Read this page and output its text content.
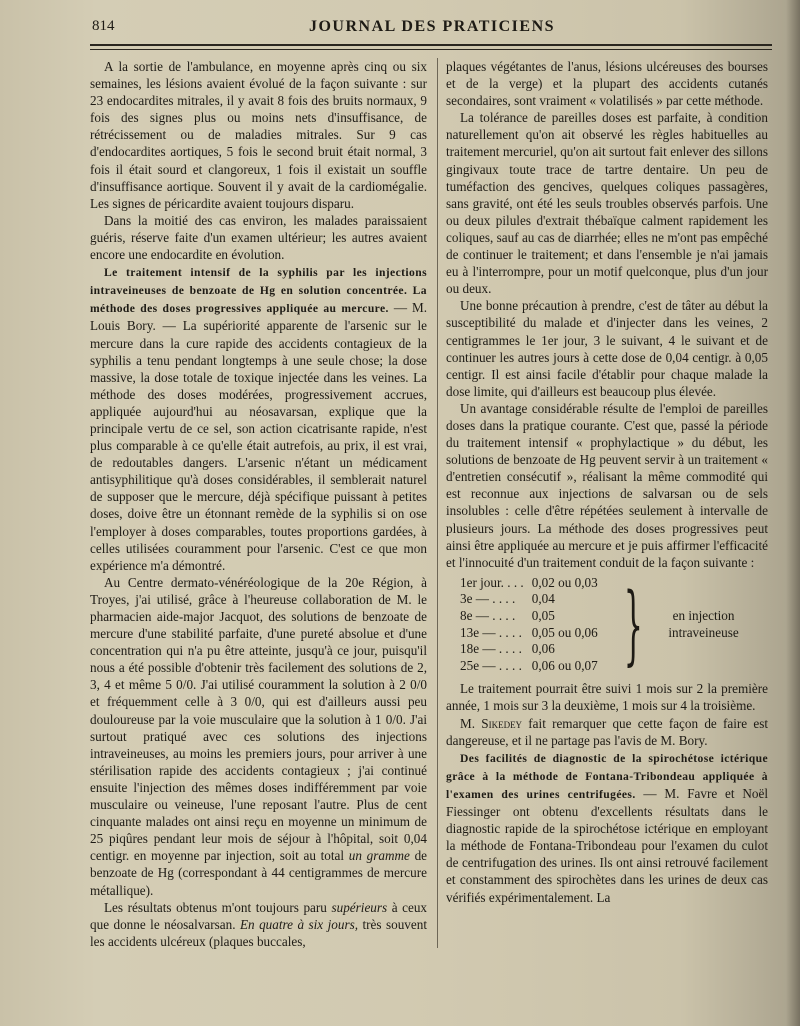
814	JOURNAL DES PRATICIENS

A la sortie de l'ambulance, en moyenne après cinq ou six semaines, les lésions avaient évolué de la façon suivante : sur 23 endocardites mitrales, il y avait 8 fois des bruits normaux, 9 fois des signes plus ou moins nets d'insuffisance, de rétrécissement ou de maladies mitrales. Sur 9 cas d'endocardites aortiques, 5 fois le second bruit était normal, 3 fois il était sourd et clangoreux, 1 fois il existait un souffle d'insuffisance aortique. Souvent il y avait de la cardiomégalie. Les signes de péricardite avaient toujours disparu.

Dans la moitié des cas environ, les malades paraissaient guéris, réserve faite d'un examen ultérieur; les autres avaient encore une endocardite en évolution.

Le traitement intensif de la syphilis par les injections intraveineuses de benzoate de Hg en solution concentrée. La méthode des doses progressives appliquée au mercure. — M. Louis Bory. — La supériorité apparente de l'arsenic sur le mercure dans la cure rapide des accidents contagieux de la syphilis a tenu pendant longtemps à une seule chose; la dose massive, la dose totale de toxique injectée dans les veines. La méthode des doses modérées, progressivement accrues, appliquée aujourd'hui au néosavarsan, explique que la principale vertu de ce sel, son action cicatrisante rapide, n'est plus comparable à ce qu'elle était autrefois, au prix, il est vrai, de redoutables dangers. L'arsenic n'étant un médicament antisyphilitique qu'à doses considérables, il semblerait naturel de supposer que le mercure, déjà spécifique puissant à petites doses, doive être un étonnant remède de la syphilis si on ose l'employer à doses comparables, toutes proportions gardées, à celles utilisées couramment pour l'arsenic. C'est ce que mon expérience m'a démontré.

Au Centre dermato-vénéréologique de la 20e Région, à Troyes, j'ai utilisé, grâce à l'heureuse collaboration de M. le pharmacien aide-major Jacquot, des solutions de benzoate de mercure d'une stabilité parfaite, d'une pureté absolue et d'une concentration qui n'a pu être atteinte, jusqu'à ce jour, puisqu'il nous a été possible d'obtenir très facilement des solutions de 2, 3, 4 et même 5 0/0. J'ai utilisé couramment la solution à 2 0/0 et fréquemment celle à 3 0/0, qui est d'ailleurs aussi peu douloureuse par la voie musculaire que la solution à 1 0/0. J'ai surtout pratiqué avec ces solutions des injections intraveineuses, au moins les premiers jours, pour arriver à une stérilisation rapide des accidents contagieux ; j'ai continué ensuite l'injection des mêmes doses indifféremment par voie musculaire ou veineuse, l'une reposant l'autre. Plus de cent cinquante malades ont ainsi reçu en moyenne un minimum de 25 piqûres pendant leur mois de séjour à l'hôpital, soit 0,04 centigr. en moyenne par injection, soit au total un gramme de benzoate de Hg (correspondant à 44 centigrammes de mercure métallique).

Les résultats obtenus m'ont toujours paru supérieurs à ceux que donne le néosalvarsan. En quatre à six jours, très souvent les accidents ulcéreux (plaques buccales,

plaques végétantes de l'anus, lésions ulcéreuses des bourses et de la verge) et la plupart des accidents cutanés secondaires, sont vraiment « volatilisés » par cette méthode.

La tolérance de pareilles doses est parfaite, à condition naturellement qu'on ait observé les règles habituelles au traitement mercuriel, qu'on ait surtout fait enlever des sillons gingivaux toute trace de tartre dentaire. Un peu de tuméfaction des gencives, quelques coliques passagères, sans gravité, ont été les seuls troubles observés parfois. Une ou deux pilules d'extrait thébaïque calment rapidement les coliques, sauf au cas de diarrhée; elles ne m'ont pas empêché de continuer le traitement; et dans l'ensemble je n'ai jamais eu à l'interrompre, pour un motif quelconque, plus d'un jour ou deux.

Une bonne précaution à prendre, c'est de tâter au début la susceptibilité du malade et d'injecter dans les veines, 2 centigrammes le 1er jour, 3 le suivant, 4 le suivant et de continuer les autres jours à cette dose de 0,04 centigr. à 0,05 centigr. Il est ainsi facile d'établir pour chaque malade la dose limite, qui d'ailleurs est beaucoup plus élevée.

Un avantage considérable résulte de l'emploi de pareilles doses dans la pratique courante. C'est que, passé la période du traitement intensif « prophylactique » du début, les solutions de benzoate de Hg peuvent servir à un traitement « d'entretien consécutif », réalisant la même commodité qui est reconnue aux injections de salvarsan ou de sels insolubles : celle d'être répétées seulement à intervalle de plusieurs jours. La méthode des doses progressives peut ainsi être appliquée au mercure et je puis affirmer l'efficacité et l'innocuité d'un traitement conduit de la façon suivante :

1er jour. . . .	0,02 ou 0,03	}	en injection
intraveineuse

3e — . . . .	0,04		
8e — . . . .	0,05		
13e — . . . .	0,05 ou 0,06		
18e — . . . .	0,06		
25e — . . . .	0,06 ou 0,07		

Le traitement pourrait être suivi 1 mois sur 2 la première année, 1 mois sur 3 la deuxième, 1 mois sur 4 la troisième.

M. Sikedey fait remarquer que cette façon de faire est dangereuse, et il ne partage pas l'avis de M. Bory.

Des facilités de diagnostic de la spirochétose ictérique grâce à la méthode de Fontana-Tribondeau appliquée à l'examen des urines centrifugées. — M. Favre et Noël Fiessinger ont obtenu d'excellents résultats dans le diagnostic rapide de la spirochétose ictérique en employant la méthode de Fontana-Tribondeau pour l'examen du culot de centrifugation des urines. Ils ont ainsi retrouvé facilement et constamment des spirochètes dans les urines de deux cas vérifiés expérimentalement. La
